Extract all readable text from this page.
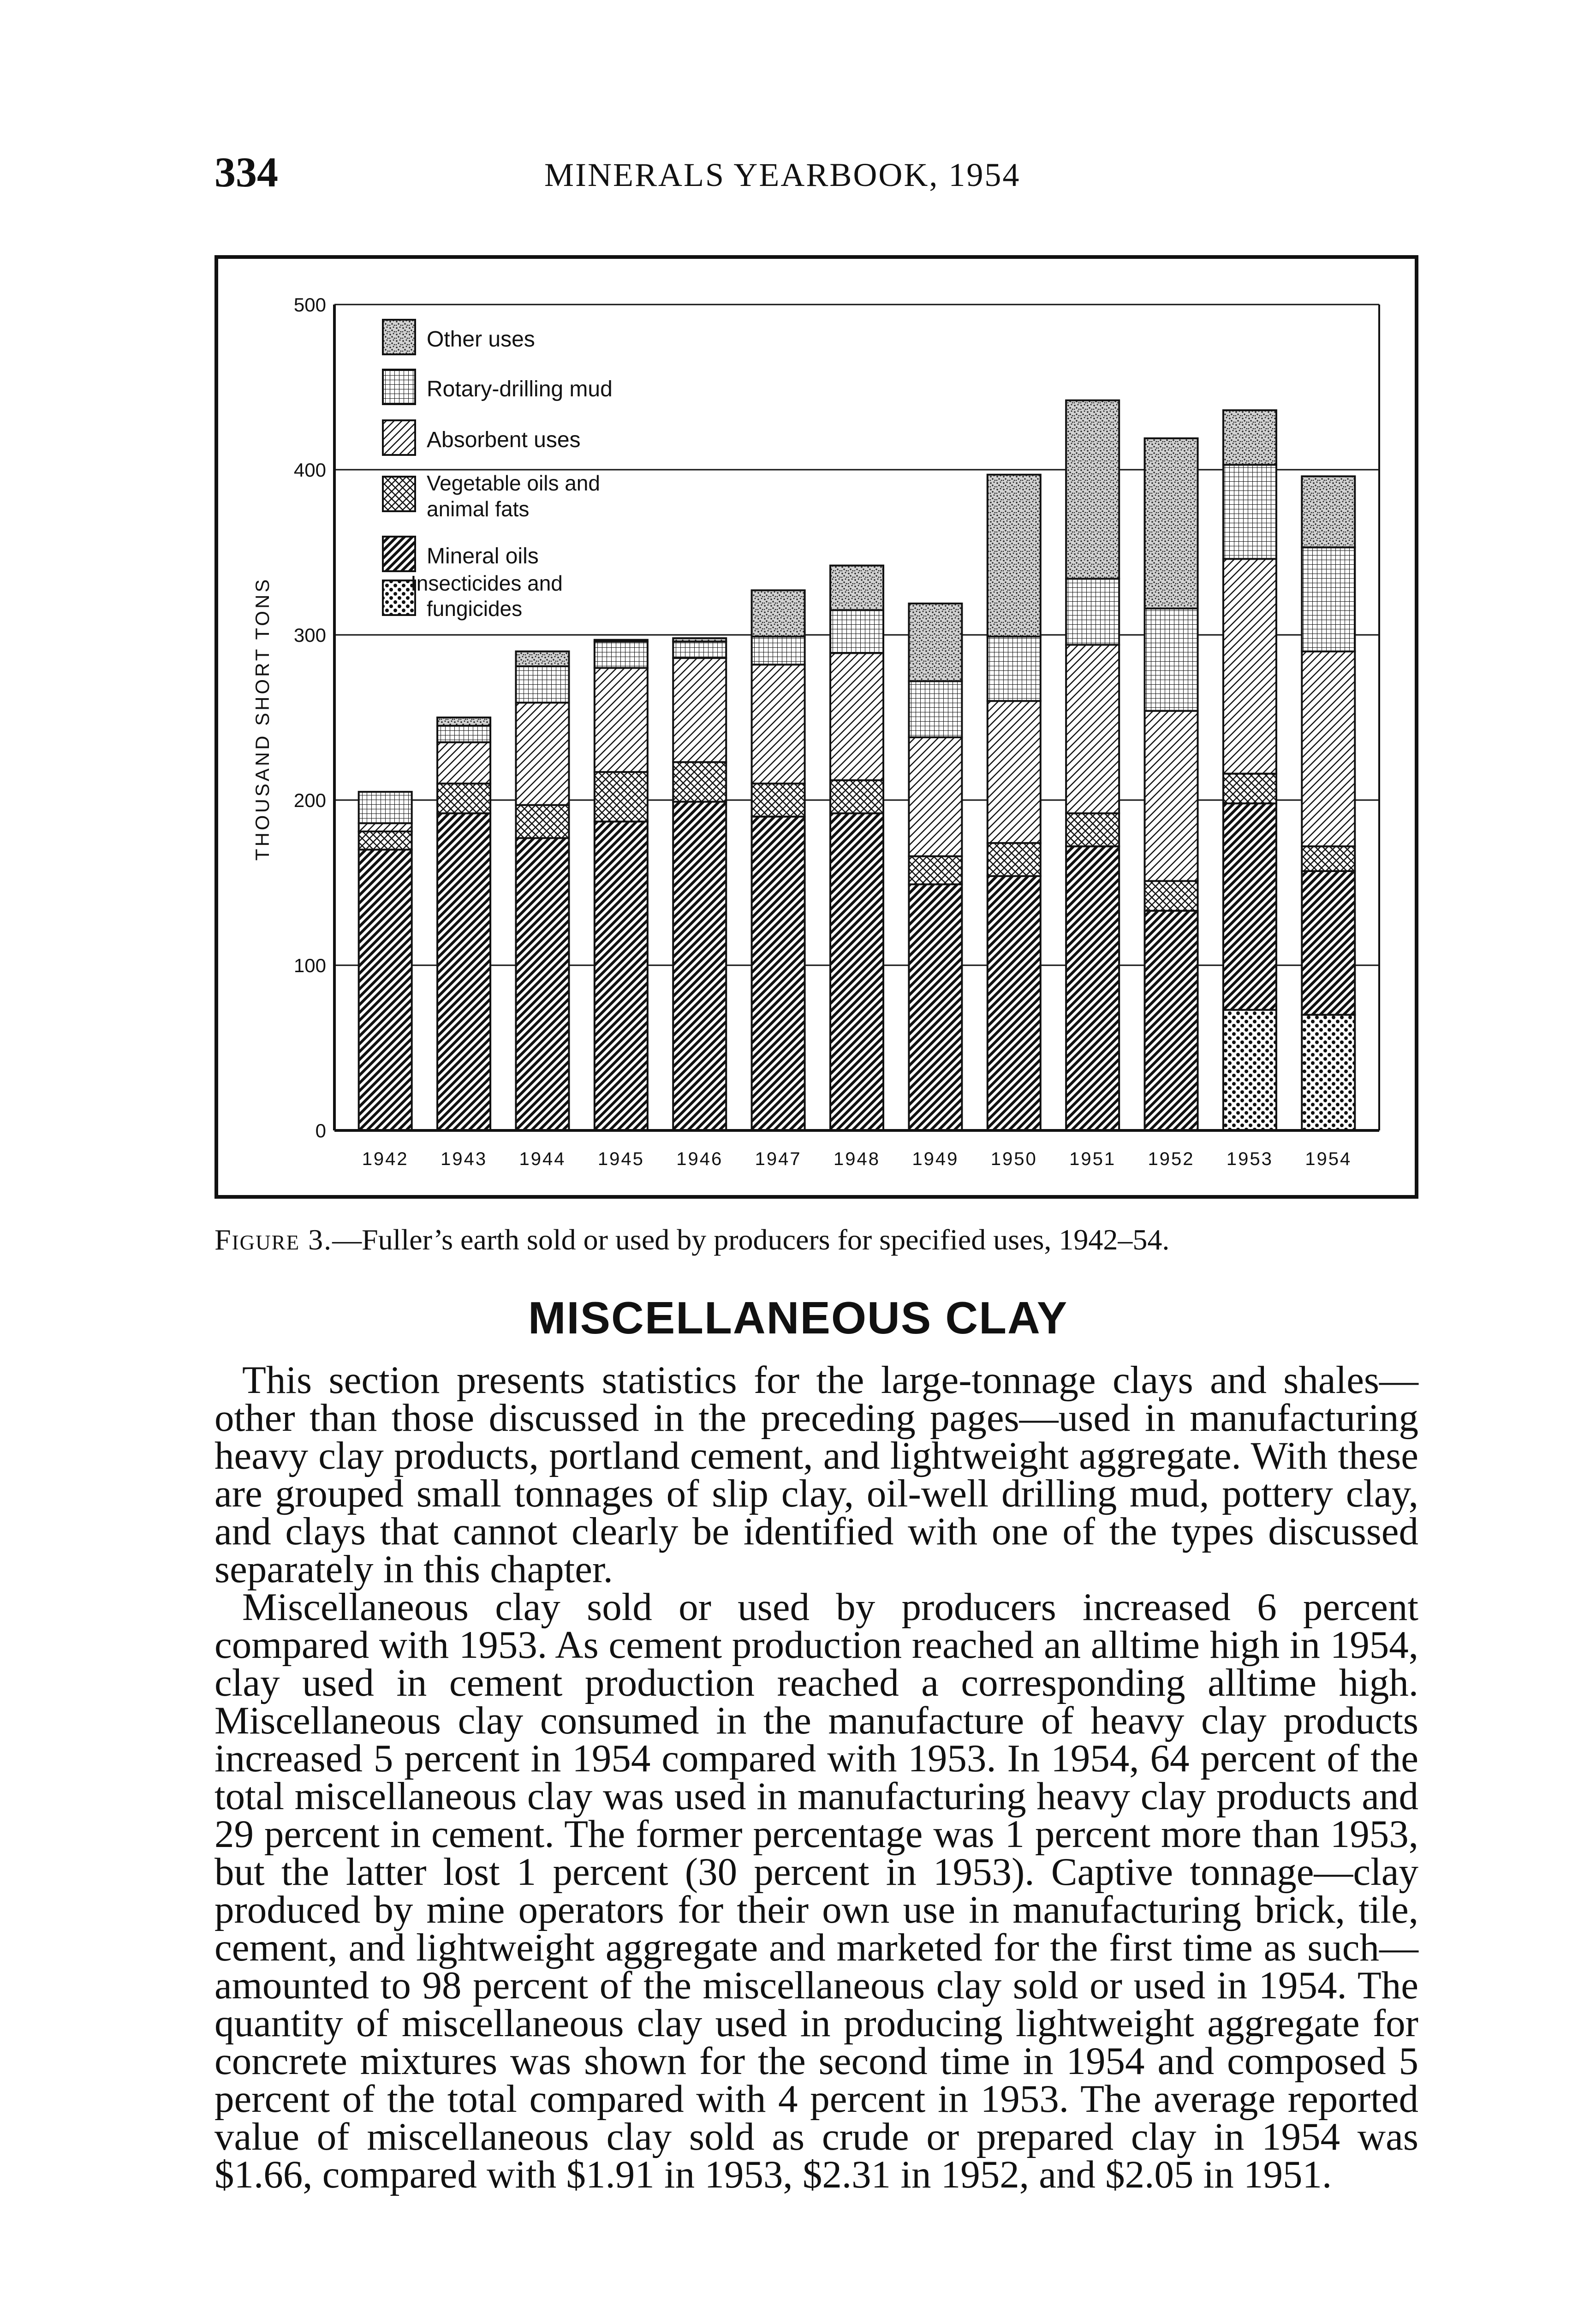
334	MINERALS YEARBOOK, 1954
0
100
200
300
400
500
1942 1943 1944 1945 1946 1947 1948 1949 1950 1951 1952 1953 1954
THOUSAND SHORT TONS
Other uses
Rotary-drilling mud
Absorbent uses
Vegetable oils and
animal fats
Mineral oils
Insecticides and
fungicides
Figure 3.—Fuller’s earth sold or used by producers for specified uses, 1942–54.
MISCELLANEOUS CLAY

This section presents statistics for the large-tonnage clays and shales—other than those discussed in the preceding pages—used in manufacturing heavy clay products, portland cement, and lightweight aggregate. With these are grouped small tonnages of slip clay, oil-well drilling mud, pottery clay, and clays that cannot clearly be identified with one of the types discussed separately in this chapter.

Miscellaneous clay sold or used by producers increased 6 percent compared with 1953. As cement production reached an alltime high in 1954, clay used in cement production reached a corresponding alltime high. Miscellaneous clay consumed in the manufacture of heavy clay products increased 5 percent in 1954 compared with 1953. In 1954, 64 percent of the total miscellaneous clay was used in manufacturing heavy clay products and 29 percent in cement. The former percentage was 1 percent more than 1953, but the latter lost 1 percent (30 percent in 1953). Captive tonnage—clay produced by mine operators for their own use in manufacturing brick, tile, cement, and lightweight aggregate and marketed for the first time as such—amounted to 98 percent of the miscellaneous clay sold or used in 1954. The quantity of miscellaneous clay used in producing lightweight aggregate for concrete mixtures was shown for the second time in 1954 and composed 5 percent of the total compared with 4 percent in 1953. The average reported value of miscellaneous clay sold as crude or prepared clay in 1954 was $1.66, compared with $1.91 in 1953, $2.31 in 1952, and $2.05 in 1951.
